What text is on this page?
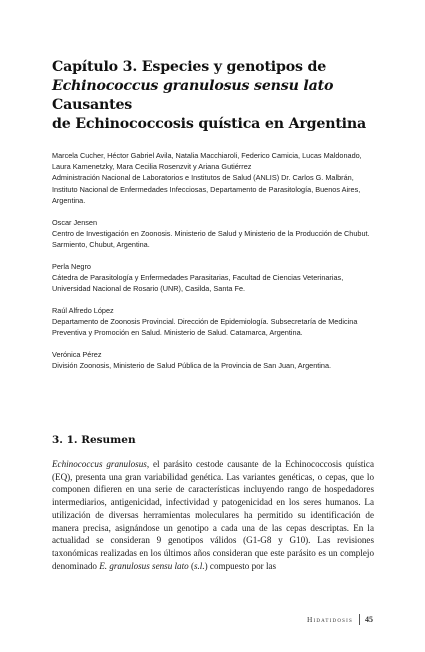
Capítulo 3. Especies y genotipos de
Echinococcus granulosus sensu lato Causantes
de Echinococcosis quística en Argentina

Marcela Cucher, Héctor Gabriel Avila, Natalia Macchiaroli, Federico Camicia, Lucas Maldonado, Laura Kamenetzky, Mara Cecilia Rosenzvit y Ariana Gutiérrez

Administración Nacional de Laboratorios e Institutos de Salud (ANLIS) Dr. Carlos G. Malbrán, Instituto Nacional de Enfermedades Infecciosas, Departamento de Parasitología, Buenos Aires, Argentina.

Oscar Jensen

Centro de Investigación en Zoonosis. Ministerio de Salud y Ministerio de la Producción de Chubut. Sarmiento, Chubut, Argentina.

Perla Negro

Cátedra de Parasitología y Enfermedades Parasitarias, Facultad de Ciencias Veterinarias, Universidad Nacional de Rosario (UNR), Casilda, Santa Fe.

Raúl Alfredo López

Departamento de Zoonosis Provincial. Dirección de Epidemiología. Subsecretaría de Medicina Preventiva y Promoción en Salud. Ministerio de Salud. Catamarca, Argentina.

Verónica Pérez

División Zoonosis, Ministerio de Salud Pública de la Provincia de San Juan, Argentina.

3. 1. Resumen

Echinococcus granulosus, el parásito cestode causante de la Echinococcosis quística (EQ), presenta una gran variabilidad genética. Las variantes genéticas, o cepas, que lo componen difieren en una serie de características incluyendo rango de hospedadores intermediarios, antigenicidad, infectividad y patogenicidad en los seres humanos. La utilización de diversas herramientas moleculares ha permitido su identificación de manera precisa, asignándose un genotipo a cada una de las cepas descriptas. En la actualidad se consideran 9 genotipos válidos (G1-G8 y G10). Las revisiones taxonómicas realizadas en los últimos años consideran que este parásito es un complejo denominado E. granulosus sensu lato (s.l.) compuesto por las

Hidatidosis 45
